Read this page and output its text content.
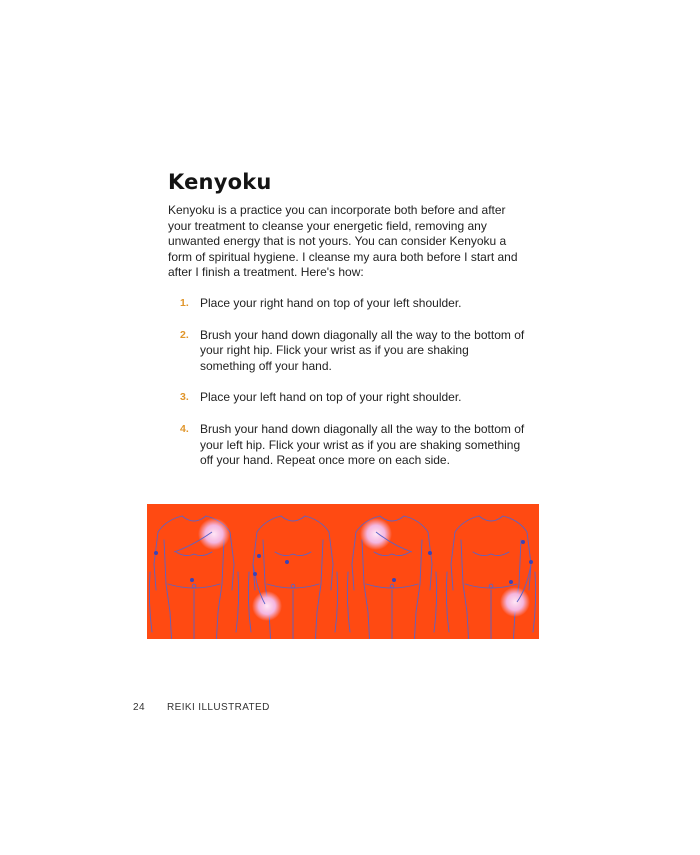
Kenyoku

Kenyoku is a practice you can incorporate both before and after your treatment to cleanse your energetic field, removing any unwanted energy that is not yours. You can consider Kenyoku a form of spiritual hygiene. I cleanse my aura both before I start and after I finish a treatment. Here's how:

1. Place your right hand on top of your left shoulder.
2. Brush your hand down diagonally all the way to the bottom of your right hip. Flick your wrist as if you are shaking something off your hand.
3. Place your left hand on top of your right shoulder.
4. Brush your hand down diagonally all the way to the bottom of your left hip. Flick your wrist as if you are shaking something off your hand. Repeat once more on each side.
24 REIKI ILLUSTRATED
